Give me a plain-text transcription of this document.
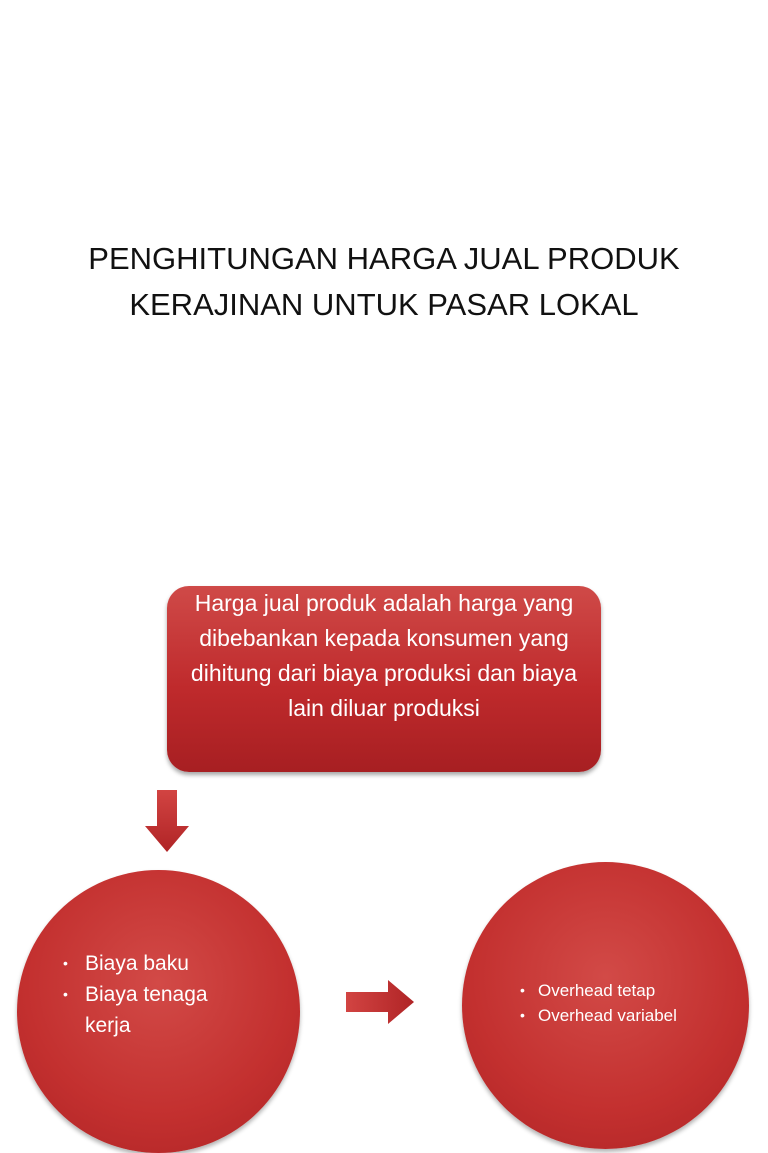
PENGHITUNGAN HARGA JUAL PRODUK
KERAJINAN UNTUK PASAR LOKAL
Harga jual produk adalah harga yang dibebankan kepada konsumen yang dihitung dari biaya produksi dan biaya lain diluar produksi
• Biaya baku
• Biaya tenaga
kerja
• Overhead tetap
• Overhead variabel
